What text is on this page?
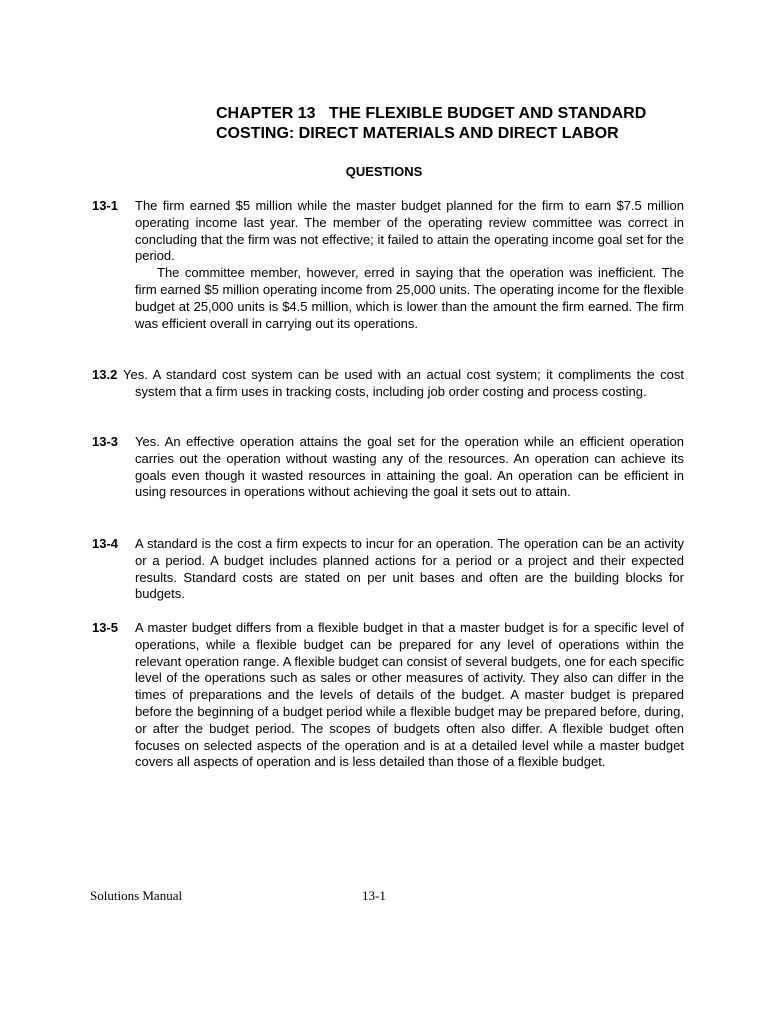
CHAPTER 13   THE FLEXIBLE BUDGET AND STANDARD
COSTING: DIRECT MATERIALS AND DIRECT LABOR
QUESTIONS
13-1 The firm earned $5 million while the master budget planned for the firm to earn $7.5 million operating income last year. The member of the operating review committee was correct in concluding that the firm was not effective; it failed to attain the operating income goal set for the period.

The committee member, however, erred in saying that the operation was inefficient. The firm earned $5 million operating income from 25,000 units. The operating income for the flexible budget at 25,000 units is $4.5 million, which is lower than the amount the firm earned. The firm was efficient overall in carrying out its operations.

13.2 Yes. A standard cost system can be used with an actual cost system; it compliments the cost system that a firm uses in tracking costs, including job order costing and process costing.

13-3 Yes. An effective operation attains the goal set for the operation while an efficient operation carries out the operation without wasting any of the resources. An operation can achieve its goals even though it wasted resources in attaining the goal. An operation can be efficient in using resources in operations without achieving the goal it sets out to attain.

13-4 A standard is the cost a firm expects to incur for an operation. The operation can be an activity or a period. A budget includes planned actions for a period or a project and their expected results. Standard costs are stated on per unit bases and often are the building blocks for budgets.

13-5 A master budget differs from a flexible budget in that a master budget is for a specific level of operations, while a flexible budget can be prepared for any level of operations within the relevant operation range. A flexible budget can consist of several budgets, one for each specific level of the operations such as sales or other measures of activity. They also can differ in the times of preparations and the levels of details of the budget. A master budget is prepared before the beginning of a budget period while a flexible budget may be prepared before, during, or after the budget period. The scopes of budgets often also differ. A flexible budget often focuses on selected aspects of the operation and is at a detailed level while a master budget covers all aspects of operation and is less detailed than those of a flexible budget.

Solutions Manual	13-1
